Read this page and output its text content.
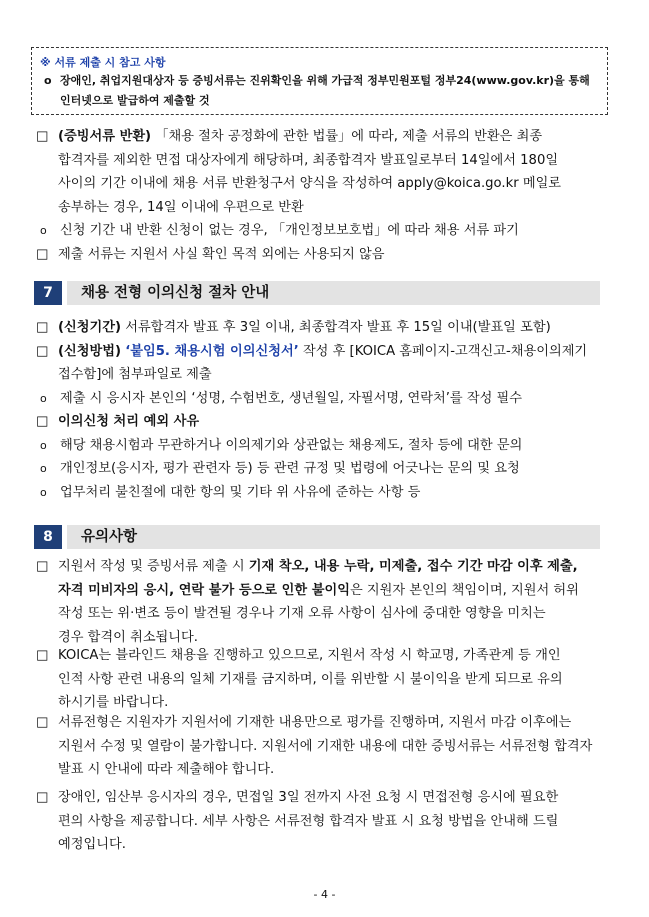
※ 서류 제출 시 참고 사항
o 장애인, 취업지원대상자 등 증빙서류는 진위확인을 위해 가급적 정부민원포털 정부24(www.gov.kr)을 통해
인터넷으로 발급하여 제출할 것
□ (증빙서류 반환) 「채용 절차 공정화에 관한 법률」에 따라, 제출 서류의 반환은 최종
합격자를 제외한 면접 대상자에게 해당하며, 최종합격자 발표일로부터 14일에서 180일
사이의 기간 이내에 채용 서류 반환청구서 양식을 작성하여 apply@koica.go.kr 메일로
송부하는 경우, 14일 이내에 우편으로 반환
o 신청 기간 내 반환 신청이 없는 경우, 「개인정보보호법」에 따라 채용 서류 파기
□ 제출 서류는 지원서 사실 확인 목적 외에는 사용되지 않음
7	채용 전형 이의신청 절차 안내
□ (신청기간) 서류합격자 발표 후 3일 이내, 최종합격자 발표 후 15일 이내(발표일 포함)
□ (신청방법) ‘붙임5. 채용시험 이의신청서’ 작성 후 [KOICA 홈페이지-고객신고-채용이의제기
접수함]에 첨부파일로 제출
o 제출 시 응시자 본인의 ‘성명, 수험번호, 생년월일, 자필서명, 연락처’를 작성 필수
□ 이의신청 처리 예외 사유
o 해당 채용시험과 무관하거나 이의제기와 상관없는 채용제도, 절차 등에 대한 문의
o 개인정보(응시자, 평가 관련자 등) 등 관련 규정 및 법령에 어긋나는 문의 및 요청
o 업무처리 불친절에 대한 항의 및 기타 위 사유에 준하는 사항 등
8	유의사항
□ 지원서 작성 및 증빙서류 제출 시 기재 착오, 내용 누락, 미제출, 접수 기간 마감 이후 제출,
자격 미비자의 응시, 연락 불가 등으로 인한 불이익은 지원자 본인의 책임이며, 지원서 허위
작성 또는 위·변조 등이 발견될 경우나 기재 오류 사항이 심사에 중대한 영향을 미치는
경우 합격이 취소됩니다.
□ KOICA는 블라인드 채용을 진행하고 있으므로, 지원서 작성 시 학교명, 가족관계 등 개인
인적 사항 관련 내용의 일체 기재를 금지하며, 이를 위반할 시 불이익을 받게 되므로 유의
하시기를 바랍니다.
□ 서류전형은 지원자가 지원서에 기재한 내용만으로 평가를 진행하며, 지원서 마감 이후에는
지원서 수정 및 열람이 불가합니다. 지원서에 기재한 내용에 대한 증빙서류는 서류전형 합격자
발표 시 안내에 따라 제출해야 합니다.
□ 장애인, 임산부 응시자의 경우, 면접일 3일 전까지 사전 요청 시 면접전형 응시에 필요한
편의 사항을 제공합니다. 세부 사항은 서류전형 합격자 발표 시 요청 방법을 안내해 드릴
예정입니다.
- 4 -
